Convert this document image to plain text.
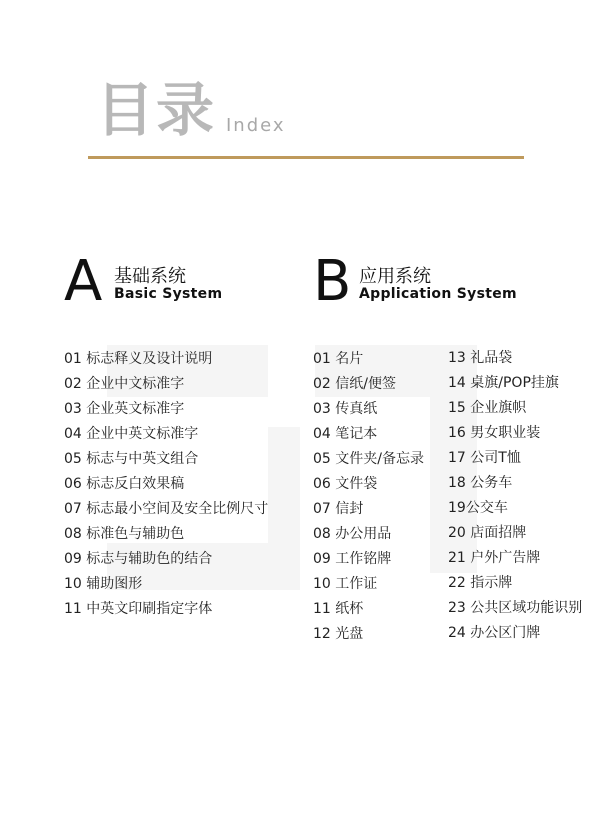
目录 Index
A 基础系统
Basic System B 应用系统
Application System
01 标志释义及设计说明
02 企业中文标准字
03 企业英文标准字
04 企业中英文标准字
05 标志与中英文组合
06 标志反白效果稿
07 标志最小空间及安全比例尺寸
08 标准色与辅助色
09 标志与辅助色的结合
10 辅助图形
11 中英文印刷指定字体
01 名片
02 信纸/便签
03 传真纸
04 笔记本
05 文件夹/备忘录
06 文件袋
07 信封
08 办公用品
09 工作铭牌
10 工作证
11 纸杯
12 光盘
13 礼品袋
14 桌旗/POP挂旗
15 企业旗帜
16 男女职业装
17 公司T恤
18 公务车
19公交车
20 店面招牌
21 户外广告牌
22 指示牌
23 公共区域功能识别
24 办公区门牌
